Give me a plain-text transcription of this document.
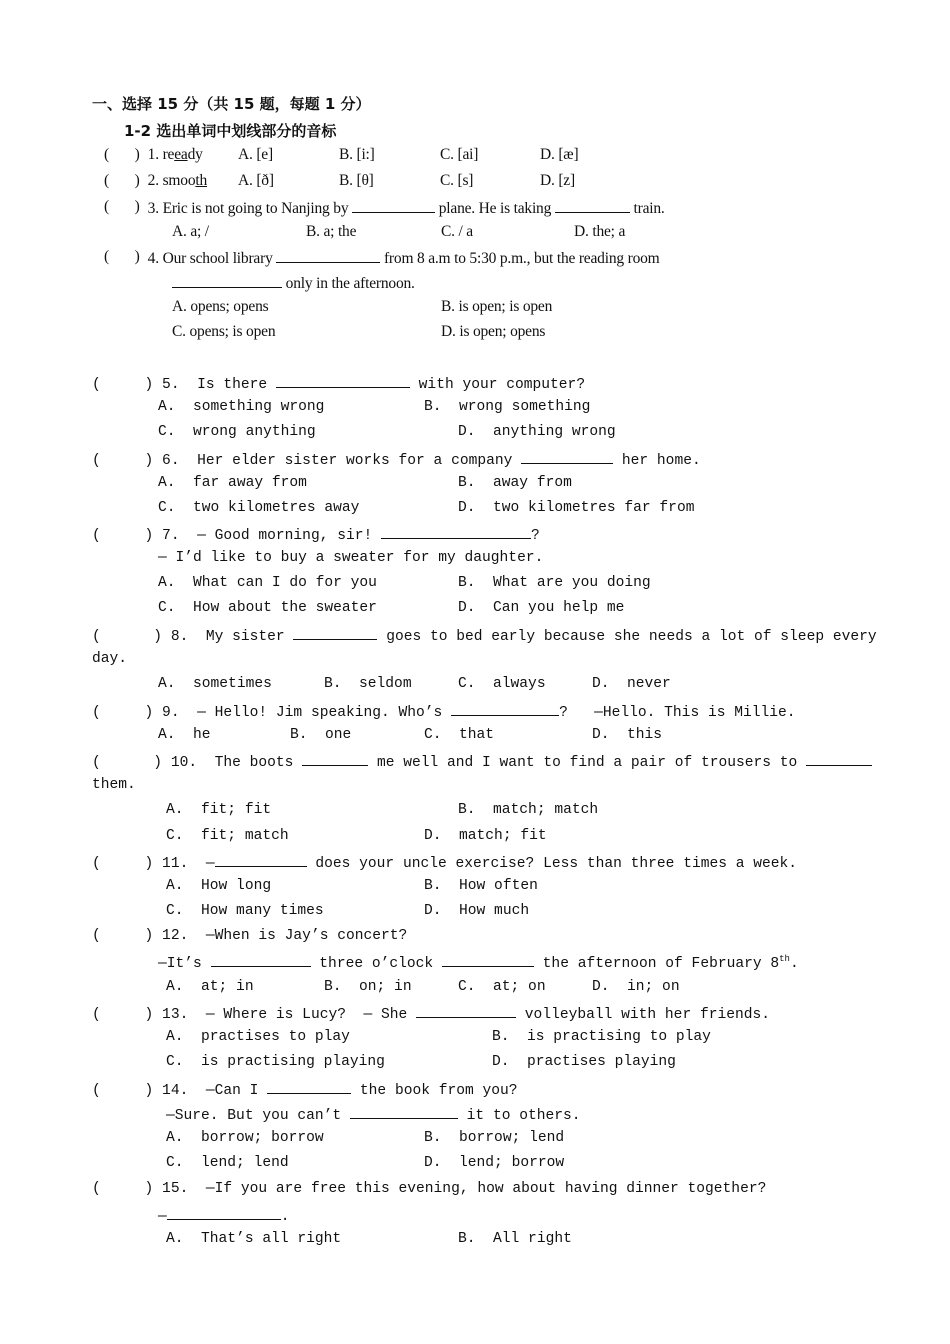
一、选择 15 分（共 15 题，每题 1 分）
1-2 选出单词中划线部分的音标
(       ) 1. reeady A. [e]	B. [i:]	C. [ai]	D. [æ]
(       ) 2. smooth A. [ð]	B. [θ]	C. [s]	D. [z]
(       ) 3. Eric is not going to Nanjing by	plane. He is taking	train.
A. a; /	B. a; the	C. / a	D. the; a
(       ) 4. Our school library	from 8 a.m to 5:30 p.m., but the reading room
only in the afternoon.
A. opens; opens	B. is open; is open
C. opens; is open	D. is open; opens
(     ) 5.  Is there	with your computer?
A.  something wrong	B.  wrong something
C.  wrong anything	D.  anything wrong
(     ) 6.  Her elder sister works for a company	her home.
A.  far away from	B.  away from
C.  two kilometres away	D.  two kilometres far from
(     ) 7.  — Good morning, sir!	?
— I’d like to buy a sweater for my daughter.
A.  What can I do for you	B.  What are you doing
C.  How about the sweater	D.  Can you help me
(      ) 8.  My sister	goes to bed early because she needs a lot of sleep every
day.
A.  sometimes	B.  seldom	C.  always	D.  never
(     ) 9.  — Hello! Jim speaking. Who’s	?   —Hello. This is Millie.
A.  he	B.  one	C.  that	D.  this
(      ) 10.  The boots	me well and I want to find a pair of trousers to
them.
A.  fit; fit	B.  match; match
C.  fit; match	D.  match; fit
(     ) 11.  —	does your uncle exercise? Less than three times a week.
A.  How long	B.  How often
C.  How many times	D.  How much
(     ) 12.  —When is Jay’s concert?
—It’s	three o’clock	the afternoon of February 8th.
A.  at; in	B.  on; in	C.  at; on	D.  in; on
(     ) 13.  — Where is Lucy?  — She	volleyball with her friends.
A.  practises to play	B.  is practising to play
C.  is practising playing	D.  practises playing
(     ) 14.  —Can I	the book from you?
—Sure. But you can’t	it to others.
A.  borrow; borrow	B.  borrow; lend
C.  lend; lend	D.  lend; borrow
(     ) 15.  —If you are free this evening, how about having dinner together?
—	.
A.  That’s all right	B.  All right
